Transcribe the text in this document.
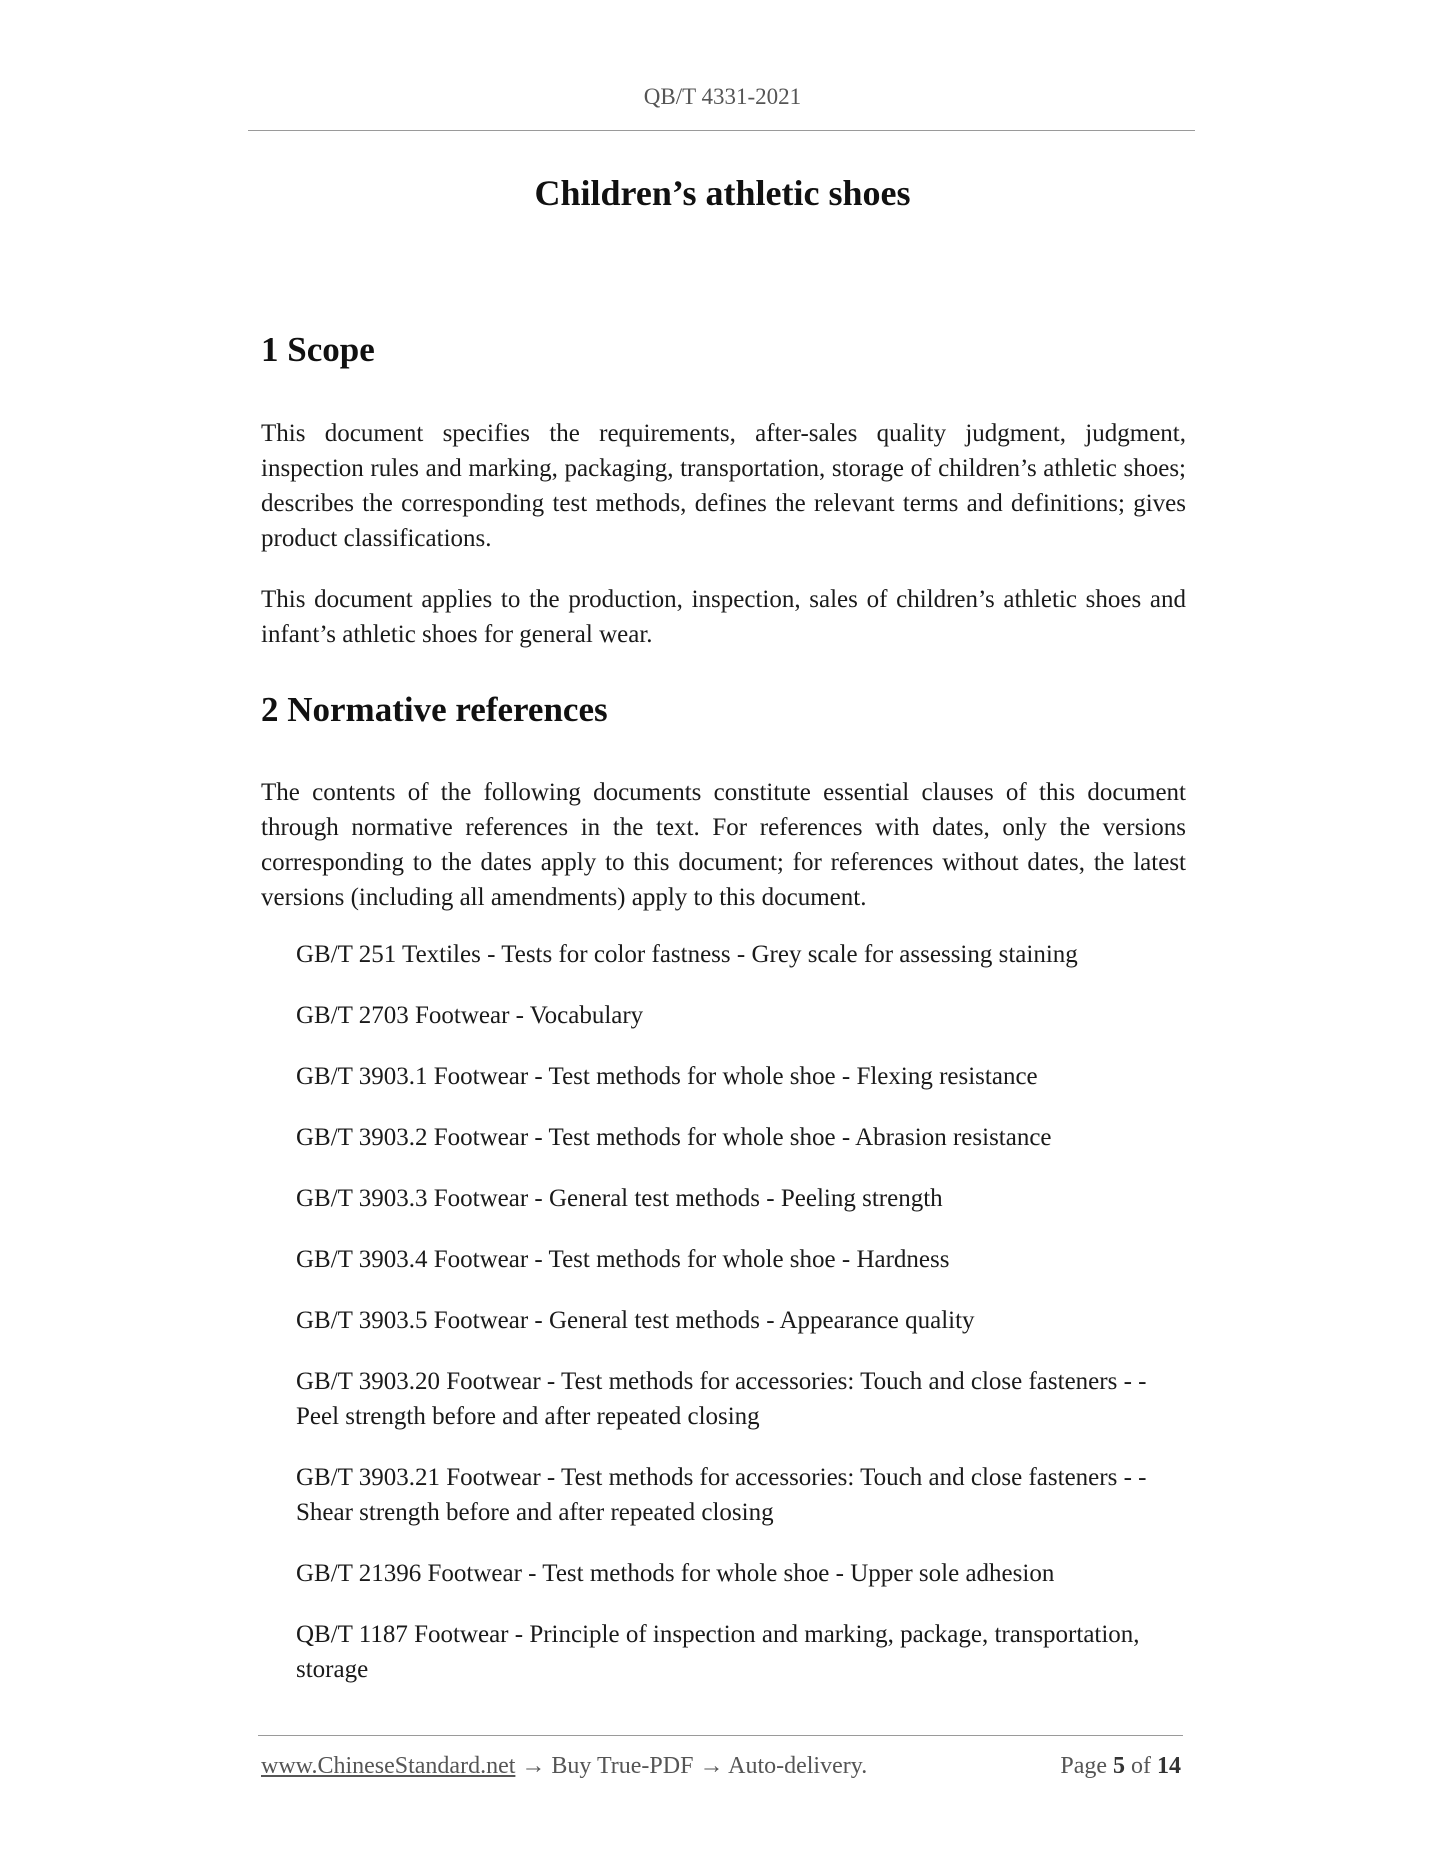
QB/T 4331-2021
Children’s athletic shoes
1 Scope

This document specifies the requirements, after-sales quality judgment, judgment, inspection rules and marking, packaging, transportation, storage of children’s athletic shoes; describes the corresponding test methods, defines the relevant terms and definitions; gives product classifications.

This document applies to the production, inspection, sales of children’s athletic shoes and infant’s athletic shoes for general wear.

2 Normative references

The contents of the following documents constitute essential clauses of this document through normative references in the text. For references with dates, only the versions corresponding to the dates apply to this document; for references without dates, the latest versions (including all amendments) apply to this document.

GB/T 251 Textiles - Tests for color fastness - Grey scale for assessing staining
GB/T 2703 Footwear - Vocabulary
GB/T 3903.1 Footwear - Test methods for whole shoe - Flexing resistance
GB/T 3903.2 Footwear - Test methods for whole shoe - Abrasion resistance
GB/T 3903.3 Footwear - General test methods - Peeling strength
GB/T 3903.4 Footwear - Test methods for whole shoe - Hardness
GB/T 3903.5 Footwear - General test methods - Appearance quality
GB/T 3903.20 Footwear - Test methods for accessories: Touch and close fasteners - - Peel strength before and after repeated closing
GB/T 3903.21 Footwear - Test methods for accessories: Touch and close fasteners - - Shear strength before and after repeated closing
GB/T 21396 Footwear - Test methods for whole shoe - Upper sole adhesion
QB/T 1187 Footwear - Principle of inspection and marking, package, transportation, storage
www.ChineseStandard.net → Buy True-PDF → Auto-delivery.	Page 5 of 14
